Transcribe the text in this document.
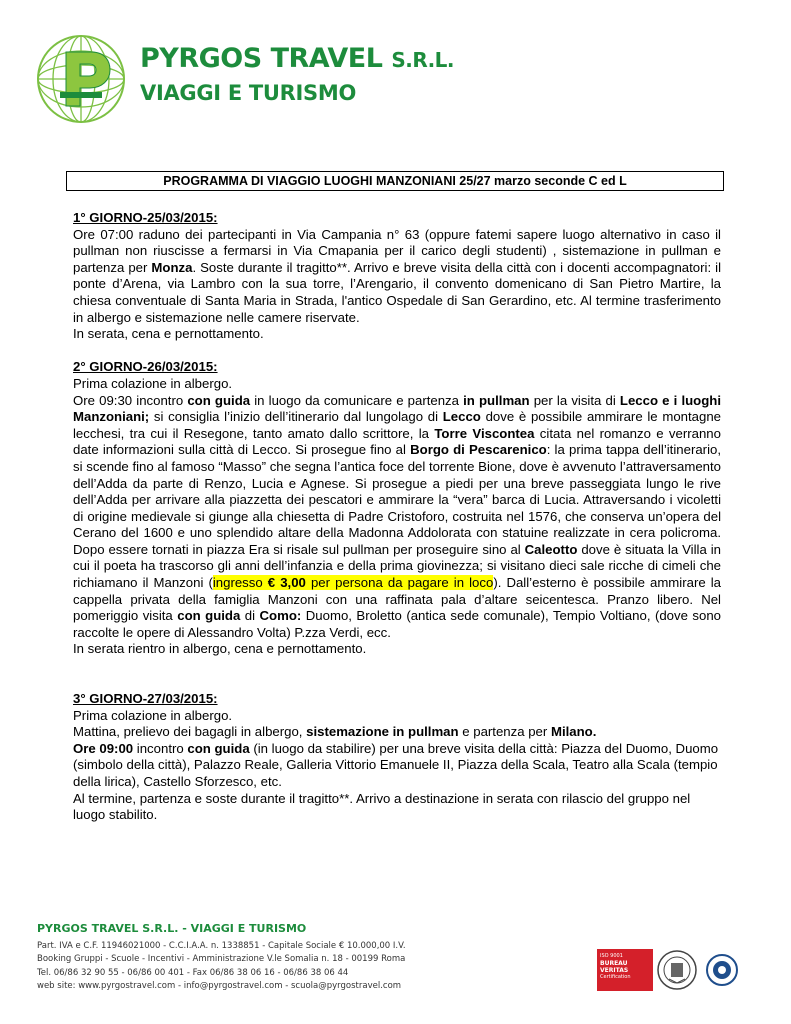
PYRGOS TRAVEL S.R.L.
VIAGGI E TURISMO
PROGRAMMA DI VIAGGIO LUOGHI MANZONIANI 25/27 marzo seconde C ed L
1° GIORNO-25/03/2015:
Ore 07:00 raduno dei partecipanti in Via Campania n° 63 (oppure fatemi sapere luogo alternativo in caso il pullman non riuscisse a fermarsi in Via Cmapania per il carico degli studenti) , sistemazione in pullman e partenza per Monza. Soste durante il tragitto**. Arrivo e breve visita della città con i docenti accompagnatori: il ponte d’Arena, via Lambro con la sua torre, l’Arengario, il convento domenicano di San Pietro Martire, la chiesa conventuale di Santa Maria in Strada, l'antico Ospedale di San Gerardino, etc. Al termine trasferimento in albergo e sistemazione nelle camere riservate.
In serata, cena e pernottamento.
2° GIORNO-26/03/2015:
Prima colazione in albergo.
Ore 09:30 incontro con guida in luogo da comunicare e partenza in pullman per la visita di Lecco e i luoghi Manzoniani; si consiglia l’inizio dell’itinerario dal lungolago di Lecco dove è possibile ammirare le montagne lecchesi, tra cui il Resegone, tanto amato dallo scrittore, la Torre Viscontea citata nel romanzo e verranno date informazioni sulla città di Lecco. Si prosegue fino al Borgo di Pescarenico: la prima tappa dell’itinerario, si scende fino al famoso “Masso” che segna l’antica foce del torrente Bione, dove è avvenuto l’attraversamento dell’Adda da parte di Renzo, Lucia e Agnese. Si prosegue a piedi per una breve passeggiata lungo le rive dell’Adda per arrivare alla piazzetta dei pescatori e ammirare la “vera” barca di Lucia. Attraversando i vicoletti di origine medievale si giunge alla chiesetta di Padre Cristoforo, costruita nel 1576, che conserva un’opera del Cerano del 1600 e uno splendido altare della Madonna Addolorata con statuine realizzate in cera policroma. Dopo essere tornati in piazza Era si risale sul pullman per proseguire sino al Caleotto dove è situata la Villa in cui il poeta ha trascorso gli anni dell’infanzia e della prima giovinezza; si visitano dieci sale ricche di cimeli che richiamano il Manzoni (ingresso € 3,00 per persona da pagare in loco). Dall’esterno è possibile ammirare la cappella privata della famiglia Manzoni con una raffinata pala d’altare seicentesca. Pranzo libero. Nel pomeriggio visita con guida di Como: Duomo, Broletto (antica sede comunale), Tempio Voltiano, (dove sono raccolte le opere di Alessandro Volta) P.zza Verdi, ecc.
In serata rientro in albergo, cena e pernottamento.
3° GIORNO-27/03/2015:
Prima colazione in albergo.
Mattina, prelievo dei bagagli in albergo, sistemazione in pullman e partenza per Milano.
Ore 09:00 incontro con guida (in luogo da stabilire) per una breve visita della città: Piazza del Duomo, Duomo (simbolo della città), Palazzo Reale, Galleria Vittorio Emanuele II, Piazza della Scala, Teatro alla Scala (tempio della lirica), Castello Sforzesco, etc.
Al termine, partenza e soste durante il tragitto**. Arrivo a destinazione in serata con rilascio del gruppo nel luogo stabilito.
PYRGOS TRAVEL S.R.L. - VIAGGI E TURISMO
Part. IVA e C.F. 11946021000 - C.C.I.A.A. n. 1338851 - Capitale Sociale € 10.000,00 I.V.
Booking Gruppi - Scuole - Incentivi - Amministrazione V.le Somalia n. 18 - 00199 Roma
Tel. 06/86 32 90 55 - 06/86 00 401 - Fax 06/86 38 06 16 - 06/86 38 06 44
web site: www.pyrgostravel.com - info@pyrgostravel.com - scuola@pyrgostravel.com
ISO 9001
BUREAU VERITAS
Certification
